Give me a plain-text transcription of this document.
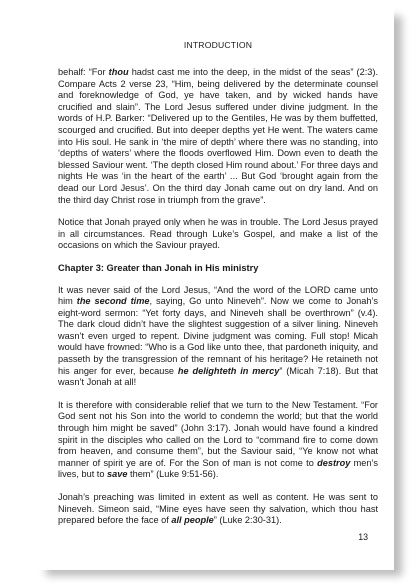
INTRODUCTION

behalf: “For thou hadst cast me into the deep, in the midst of the seas” (2:3). Compare Acts 2 verse 23, “Him, being delivered by the determinate counsel and foreknowledge of God, ye have taken, and by wicked hands have crucified and slain”. The Lord Jesus suffered under divine judgment. In the words of H.P. Barker: “Delivered up to the Gentiles, He was by them buffetted, scourged and crucified. But into deeper depths yet He went. The waters came into His soul. He sank in ‘the mire of depth’ where there was no standing, into ‘depths of waters’ where the floods overflowed Him. Down even to death the blessed Saviour went. ‘The depth closed Him round about.’ For three days and nights He was ‘in the heart of the earth’ ... But God ‘brought again from the dead our Lord Jesus’. On the third day Jonah came out on dry land. And on the third day Christ rose in triumph from the grave”.

Notice that Jonah prayed only when he was in trouble. The Lord Jesus prayed in all circumstances. Read through Luke’s Gospel, and make a list of the occasions on which the Saviour prayed.

Chapter 3: Greater than Jonah in His ministry

It was never said of the Lord Jesus, “And the word of the LORD came unto him the second time, saying, Go unto Nineveh”. Now we come to Jonah’s eight-word sermon: “Yet forty days, and Nineveh shall be overthrown” (v.4). The dark cloud didn’t have the slightest suggestion of a silver lining. Nineveh wasn’t even urged to repent. Divine judgment was coming. Full stop! Micah would have frowned: “Who is a God like unto thee, that pardoneth iniquity, and passeth by the transgression of the remnant of his heritage? He retaineth not his anger for ever, because he delighteth in mercy” (Micah 7:18). But that wasn’t Jonah at all!

It is therefore with considerable relief that we turn to the New Testament. “For God sent not his Son into the world to condemn the world; but that the world through him might be saved” (John 3:17). Jonah would have found a kindred spirit in the disciples who called on the Lord to “command fire to come down from heaven, and consume them”, but the Saviour said, “Ye know not what manner of spirit ye are of. For the Son of man is not come to destroy men’s lives, but to save them” (Luke 9:51-56).

Jonah’s preaching was limited in extent as well as content. He was sent to Nineveh. Simeon said, “Mine eyes have seen thy salvation, which thou hast prepared before the face of all people” (Luke 2:30-31).

13
